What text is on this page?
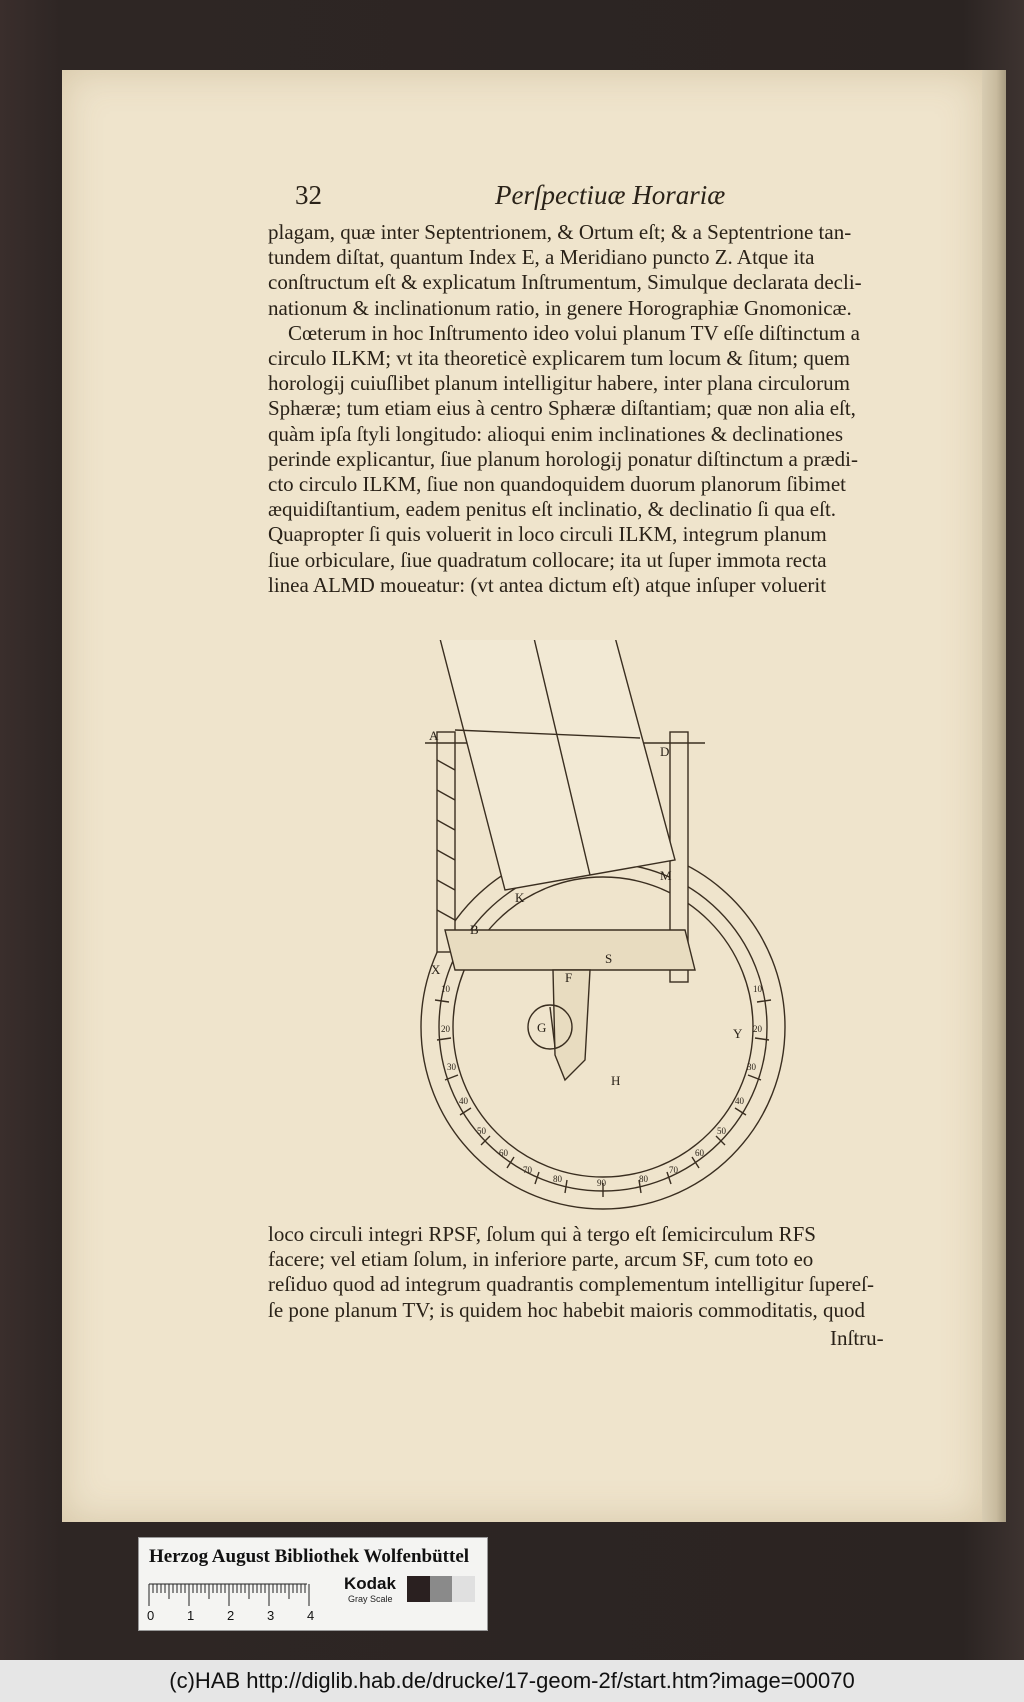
32	Perſpectiuæ Horariæ
plagam, quæ inter Septentrionem, & Ortum eſt; & a Septentrione tan-
tundem diſtat, quantum Index E, a Meridiano puncto Z. Atque ita
conſtructum eſt & explicatum Inſtrumentum, Simulque declarata decli-
nationum & inclinationum ratio, in genere Horographiæ Gnomonicæ.
Cœterum in hoc Inſtrumento ideo volui planum TV eſſe diſtinctum a
circulo ILKM; vt ita theoreticè explicarem tum locum & ſitum; quem
horologij cuiuſlibet planum intelligitur habere, inter plana circulorum
Sphæræ; tum etiam eius à centro Sphæræ diſtantiam; quæ non alia eſt,
quàm ipſa ſtyli longitudo: alioqui enim inclinationes & declinationes
perinde explicantur, ſiue planum horologij ponatur diſtinctum a prædi-
cto circulo ILKM, ſiue non quandoquidem duorum planorum ſibimet
æquidiſtantium, eadem penitus eſt inclinatio, & declinatio ſi qua eſt.
Quapropter ſi quis voluerit in loco circuli ILKM, integrum planum
ſiue orbiculare, ſiue quadratum collocare; ita ut ſuper immota recta
linea ALMD moueatur: (vt antea dictum eſt) atque inſuper voluerit
A
D
K
M
B
X
F
S
Y
G
H
10
20
30
40
50
60
70
80	90	80
70
60
50
40
30
20
10
loco circuli integri RPSF, ſolum qui à tergo eſt ſemicirculum RFS
facere; vel etiam ſolum, in inferiore parte, arcum SF, cum toto eo
reſiduo quod ad integrum quadrantis complementum intelligitur ſupereſ-
ſe pone planum TV; is quidem hoc habebit maioris commoditatis, quod
Inſtru-
Herzog August Bibliothek Wolfenbüttel
0	1	2	3	4
Kodak
Gray Scale
(c)HAB http://diglib.hab.de/drucke/17-geom-2f/start.htm?image=00070
